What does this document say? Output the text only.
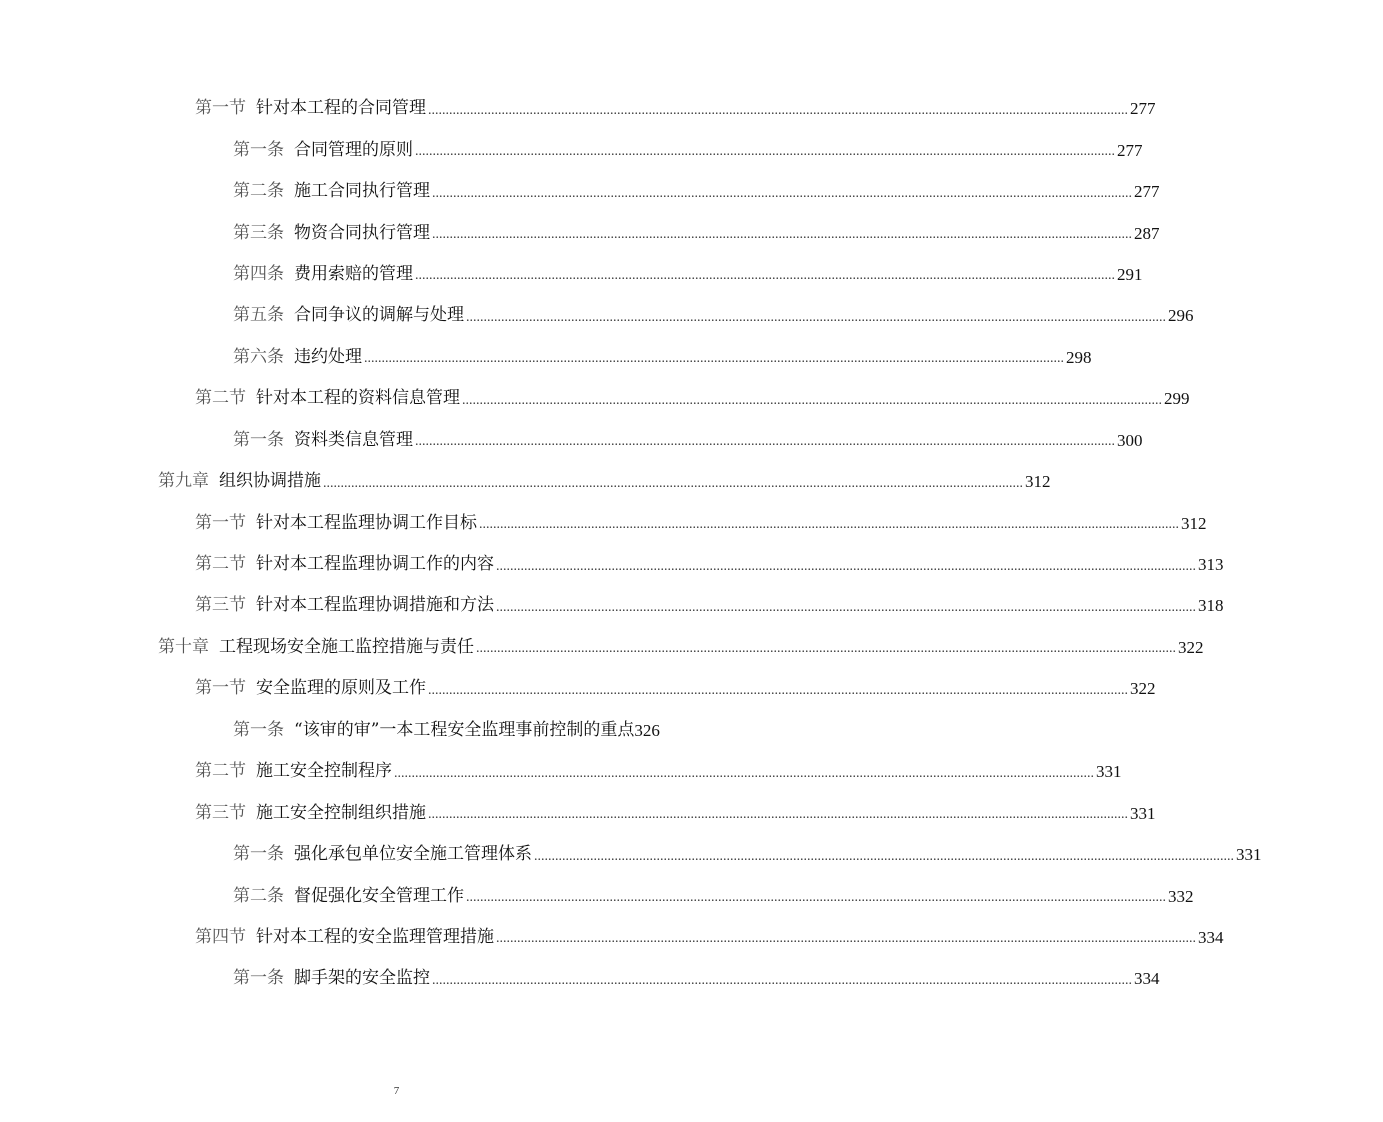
第一节 针对本工程的合同管理 ........................................................................................................................................................................................................ 277
第一条 合同管理的原则 ........................................................................................................................................................................................................ 277
第二条 施工合同执行管理 ........................................................................................................................................................................................................ 277
第三条 物资合同执行管理 ........................................................................................................................................................................................................ 287
第四条 费用索赔的管理 ........................................................................................................................................................................................................ 291
第五条 合同争议的调解与处理 ........................................................................................................................................................................................................ 296
第六条 违约处理 ........................................................................................................................................................................................................ 298
第二节 针对本工程的资料信息管理 ........................................................................................................................................................................................................ 299
第一条 资料类信息管理 ........................................................................................................................................................................................................ 300
第九章 组织协调措施 ........................................................................................................................................................................................................ 312
第一节 针对本工程监理协调工作目标 ........................................................................................................................................................................................................ 312
第二节 针对本工程监理协调工作的内容 ........................................................................................................................................................................................................ 313
第三节 针对本工程监理协调措施和方法 ........................................................................................................................................................................................................ 318
第十章 工程现场安全施工监控措施与责任 ........................................................................................................................................................................................................ 322
第一节 安全监理的原则及工作 ........................................................................................................................................................................................................ 322
第一条 “该审的审”一本工程安全监理事前控制的重点 326
第二节 施工安全控制程序 ........................................................................................................................................................................................................ 331
第三节 施工安全控制组织措施 ........................................................................................................................................................................................................ 331
第一条 强化承包单位安全施工管理体系 ........................................................................................................................................................................................................ 331
第二条 督促强化安全管理工作 ........................................................................................................................................................................................................ 332
第四节 针对本工程的安全监理管理措施 ........................................................................................................................................................................................................ 334
第一条 脚手架的安全监控 ........................................................................................................................................................................................................ 334
7
